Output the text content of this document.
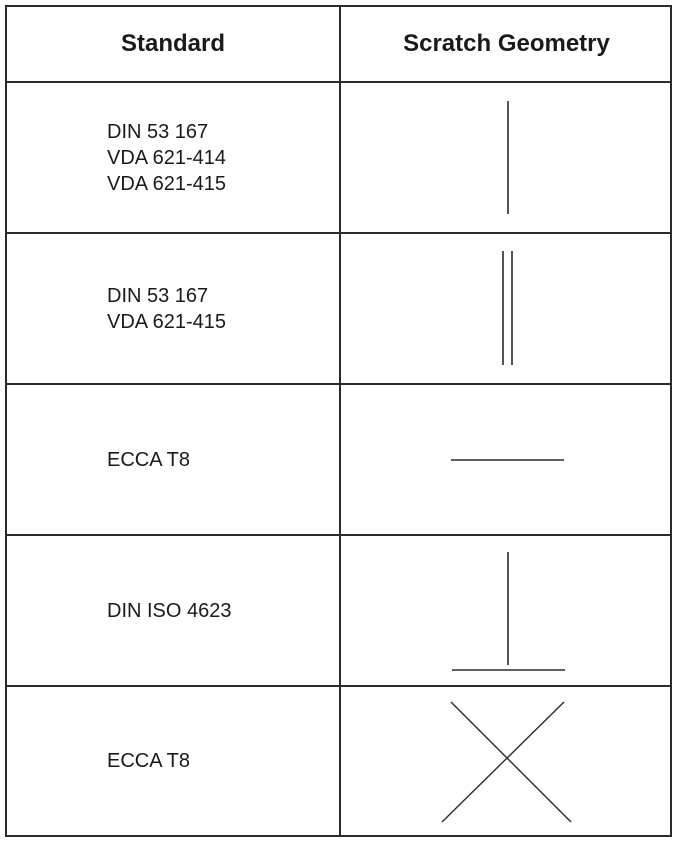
Standard	Scratch Geometry
DIN 53 167
VDA 621-414
VDA 621-415
DIN 53 167
VDA 621-415
ECCA T8
DIN ISO 4623
ECCA T8
